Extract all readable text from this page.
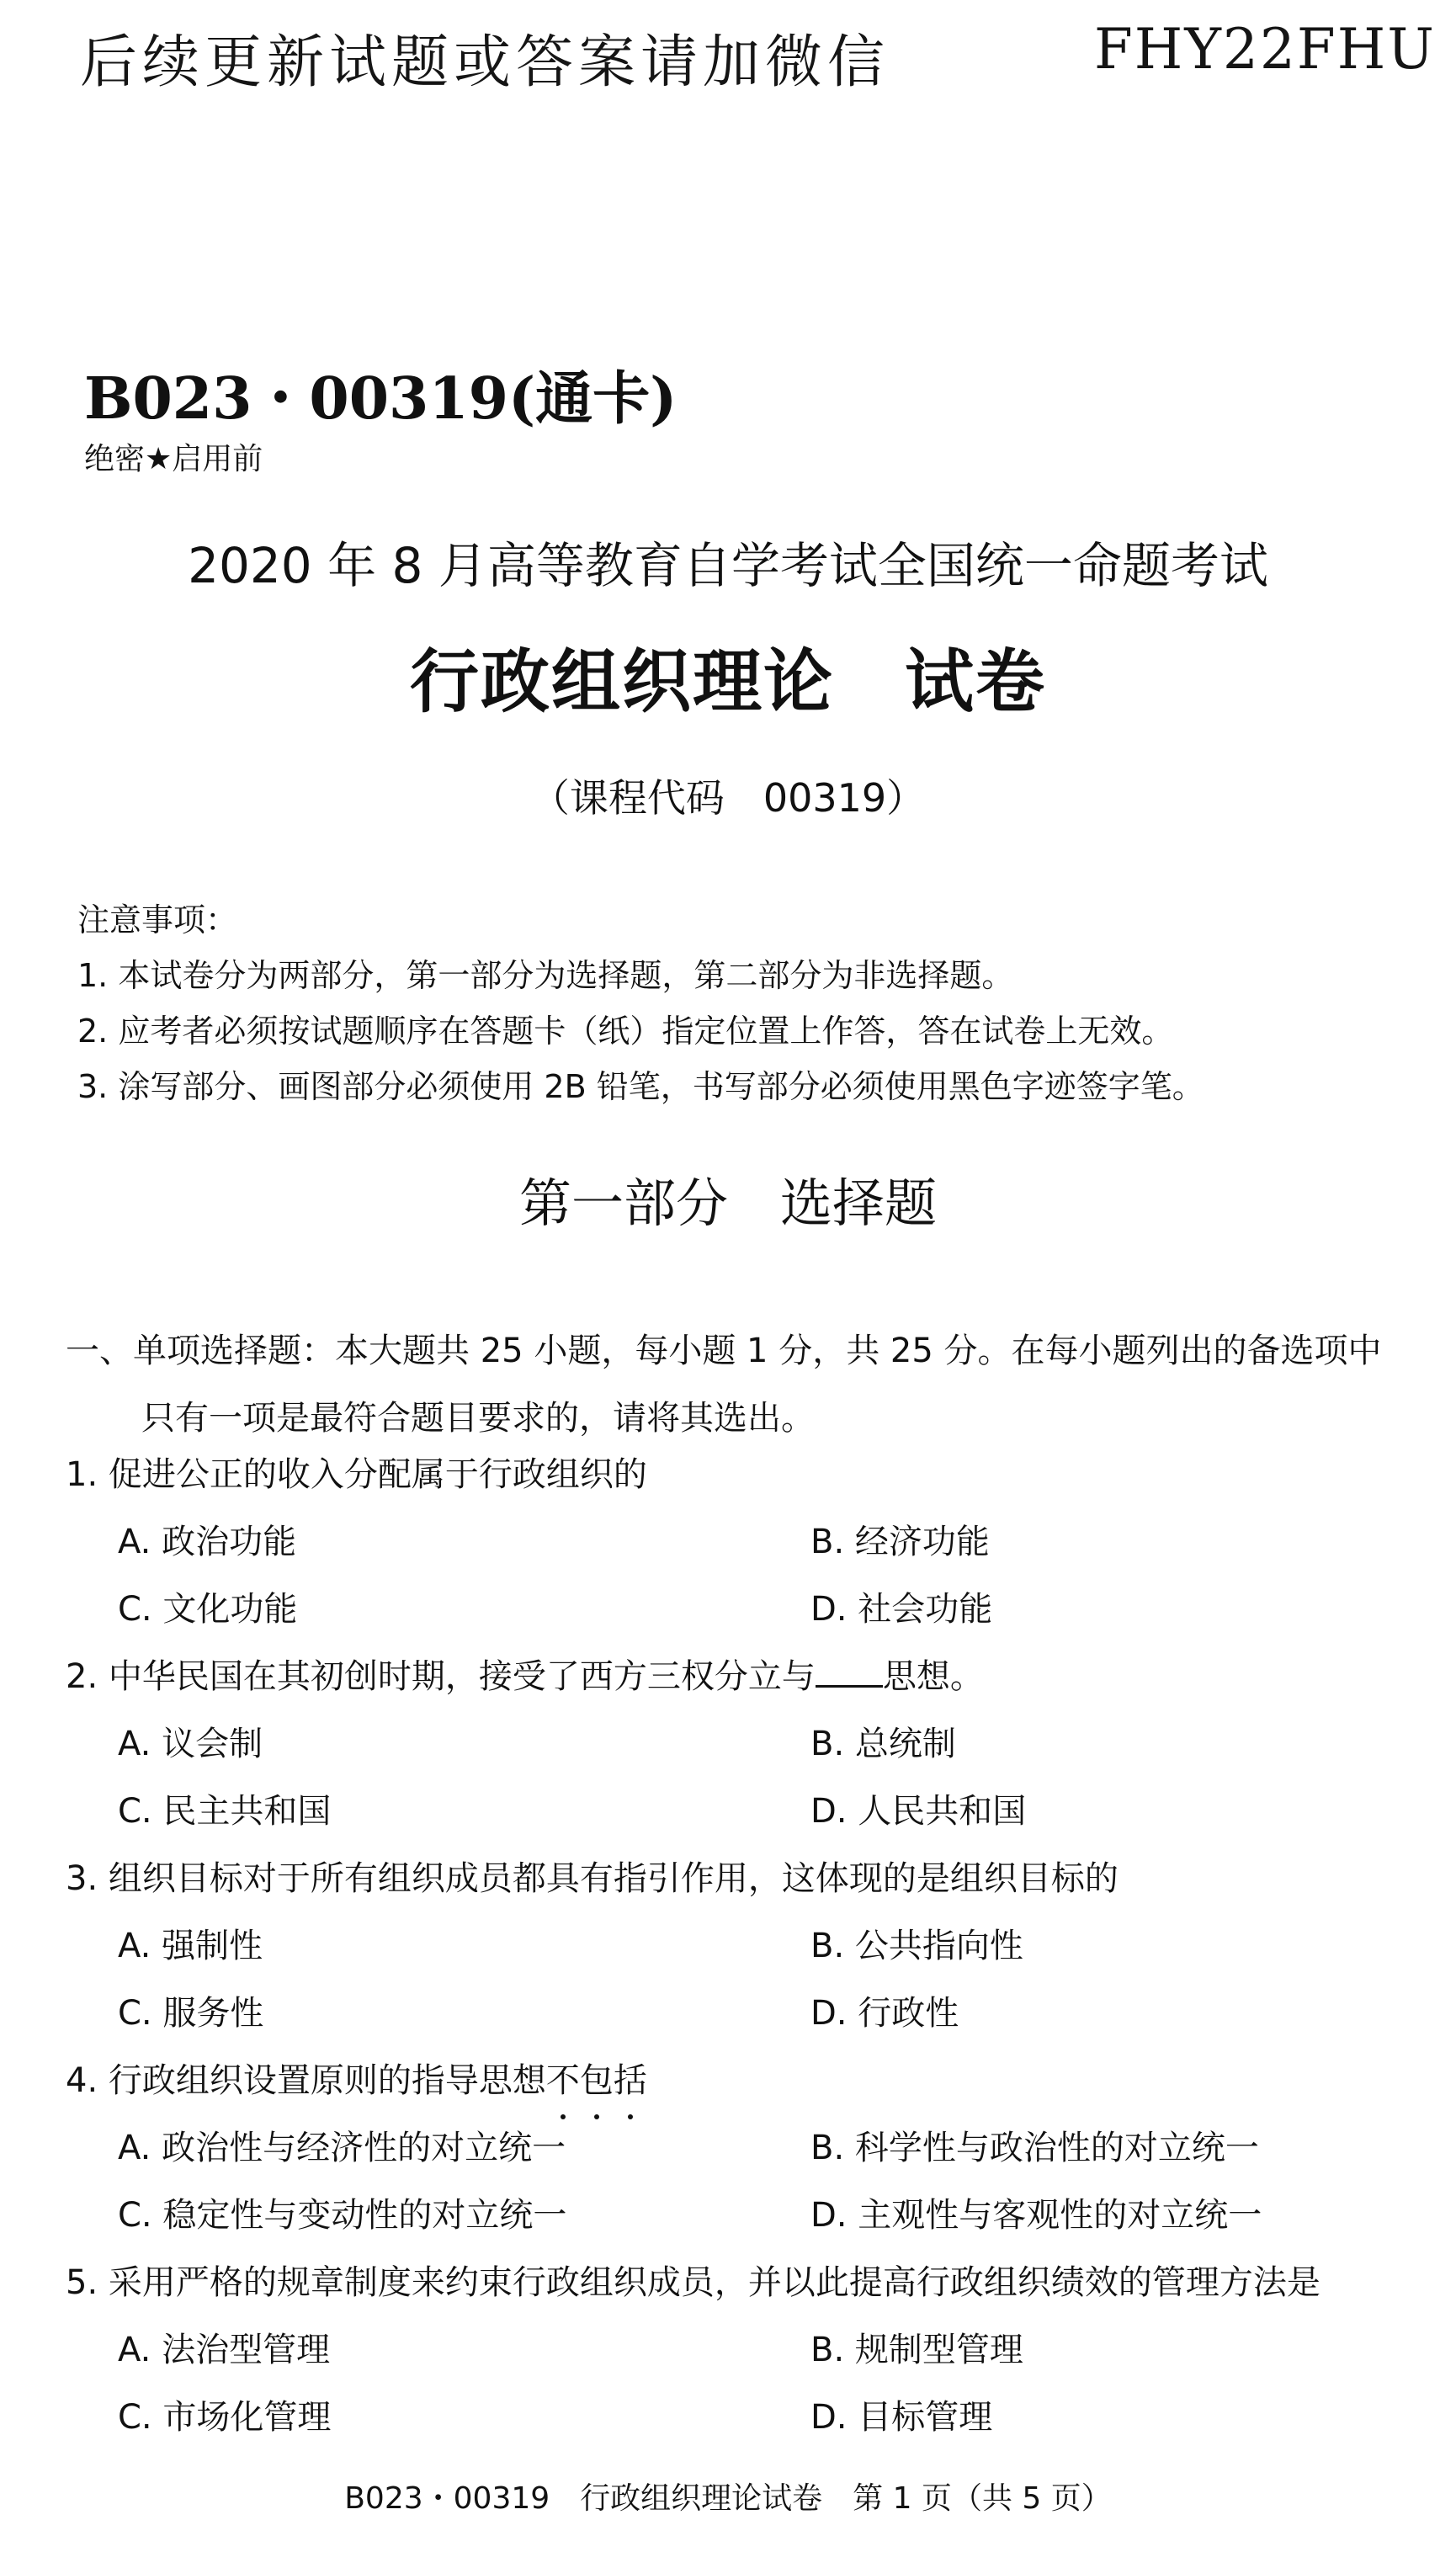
后续更新试题或答案请加微信	FHY22FHU
B023・00319(通卡)
绝密★启用前
2020 年 8 月高等教育自学考试全国统一命题考试
行政组织理论　试卷
（课程代码　00319）
注意事项：
1. 本试卷分为两部分，第一部分为选择题，第二部分为非选择题。
2. 应考者必须按试题顺序在答题卡（纸）指定位置上作答，答在试卷上无效。
3. 涂写部分、画图部分必须使用 2B 铅笔，书写部分必须使用黑色字迹签字笔。
第一部分　选择题
一、单项选择题：本大题共 25 小题，每小题 1 分，共 25 分。在每小题列出的备选项中
只有一项是最符合题目要求的，请将其选出。
1. 促进公正的收入分配属于行政组织的
A. 政治功能	B. 经济功能
C. 文化功能	D. 社会功能
2. 中华民国在其初创时期，接受了西方三权分立与 思想。
A. 议会制	B. 总统制
C. 民主共和国	D. 人民共和国
3. 组织目标对于所有组织成员都具有指引作用，这体现的是组织目标的
A. 强制性	B. 公共指向性
C. 服务性	D. 行政性
4. 行政组织设置原则的指导思想不包括
A. 政治性与经济性的对立统一	B. 科学性与政治性的对立统一
C. 稳定性与变动性的对立统一	D. 主观性与客观性的对立统一
5. 采用严格的规章制度来约束行政组织成员，并以此提高行政组织绩效的管理方法是
A. 法治型管理	B. 规制型管理
C. 市场化管理	D. 目标管理
B023・00319　行政组织理论试卷　第 1 页（共 5 页）
